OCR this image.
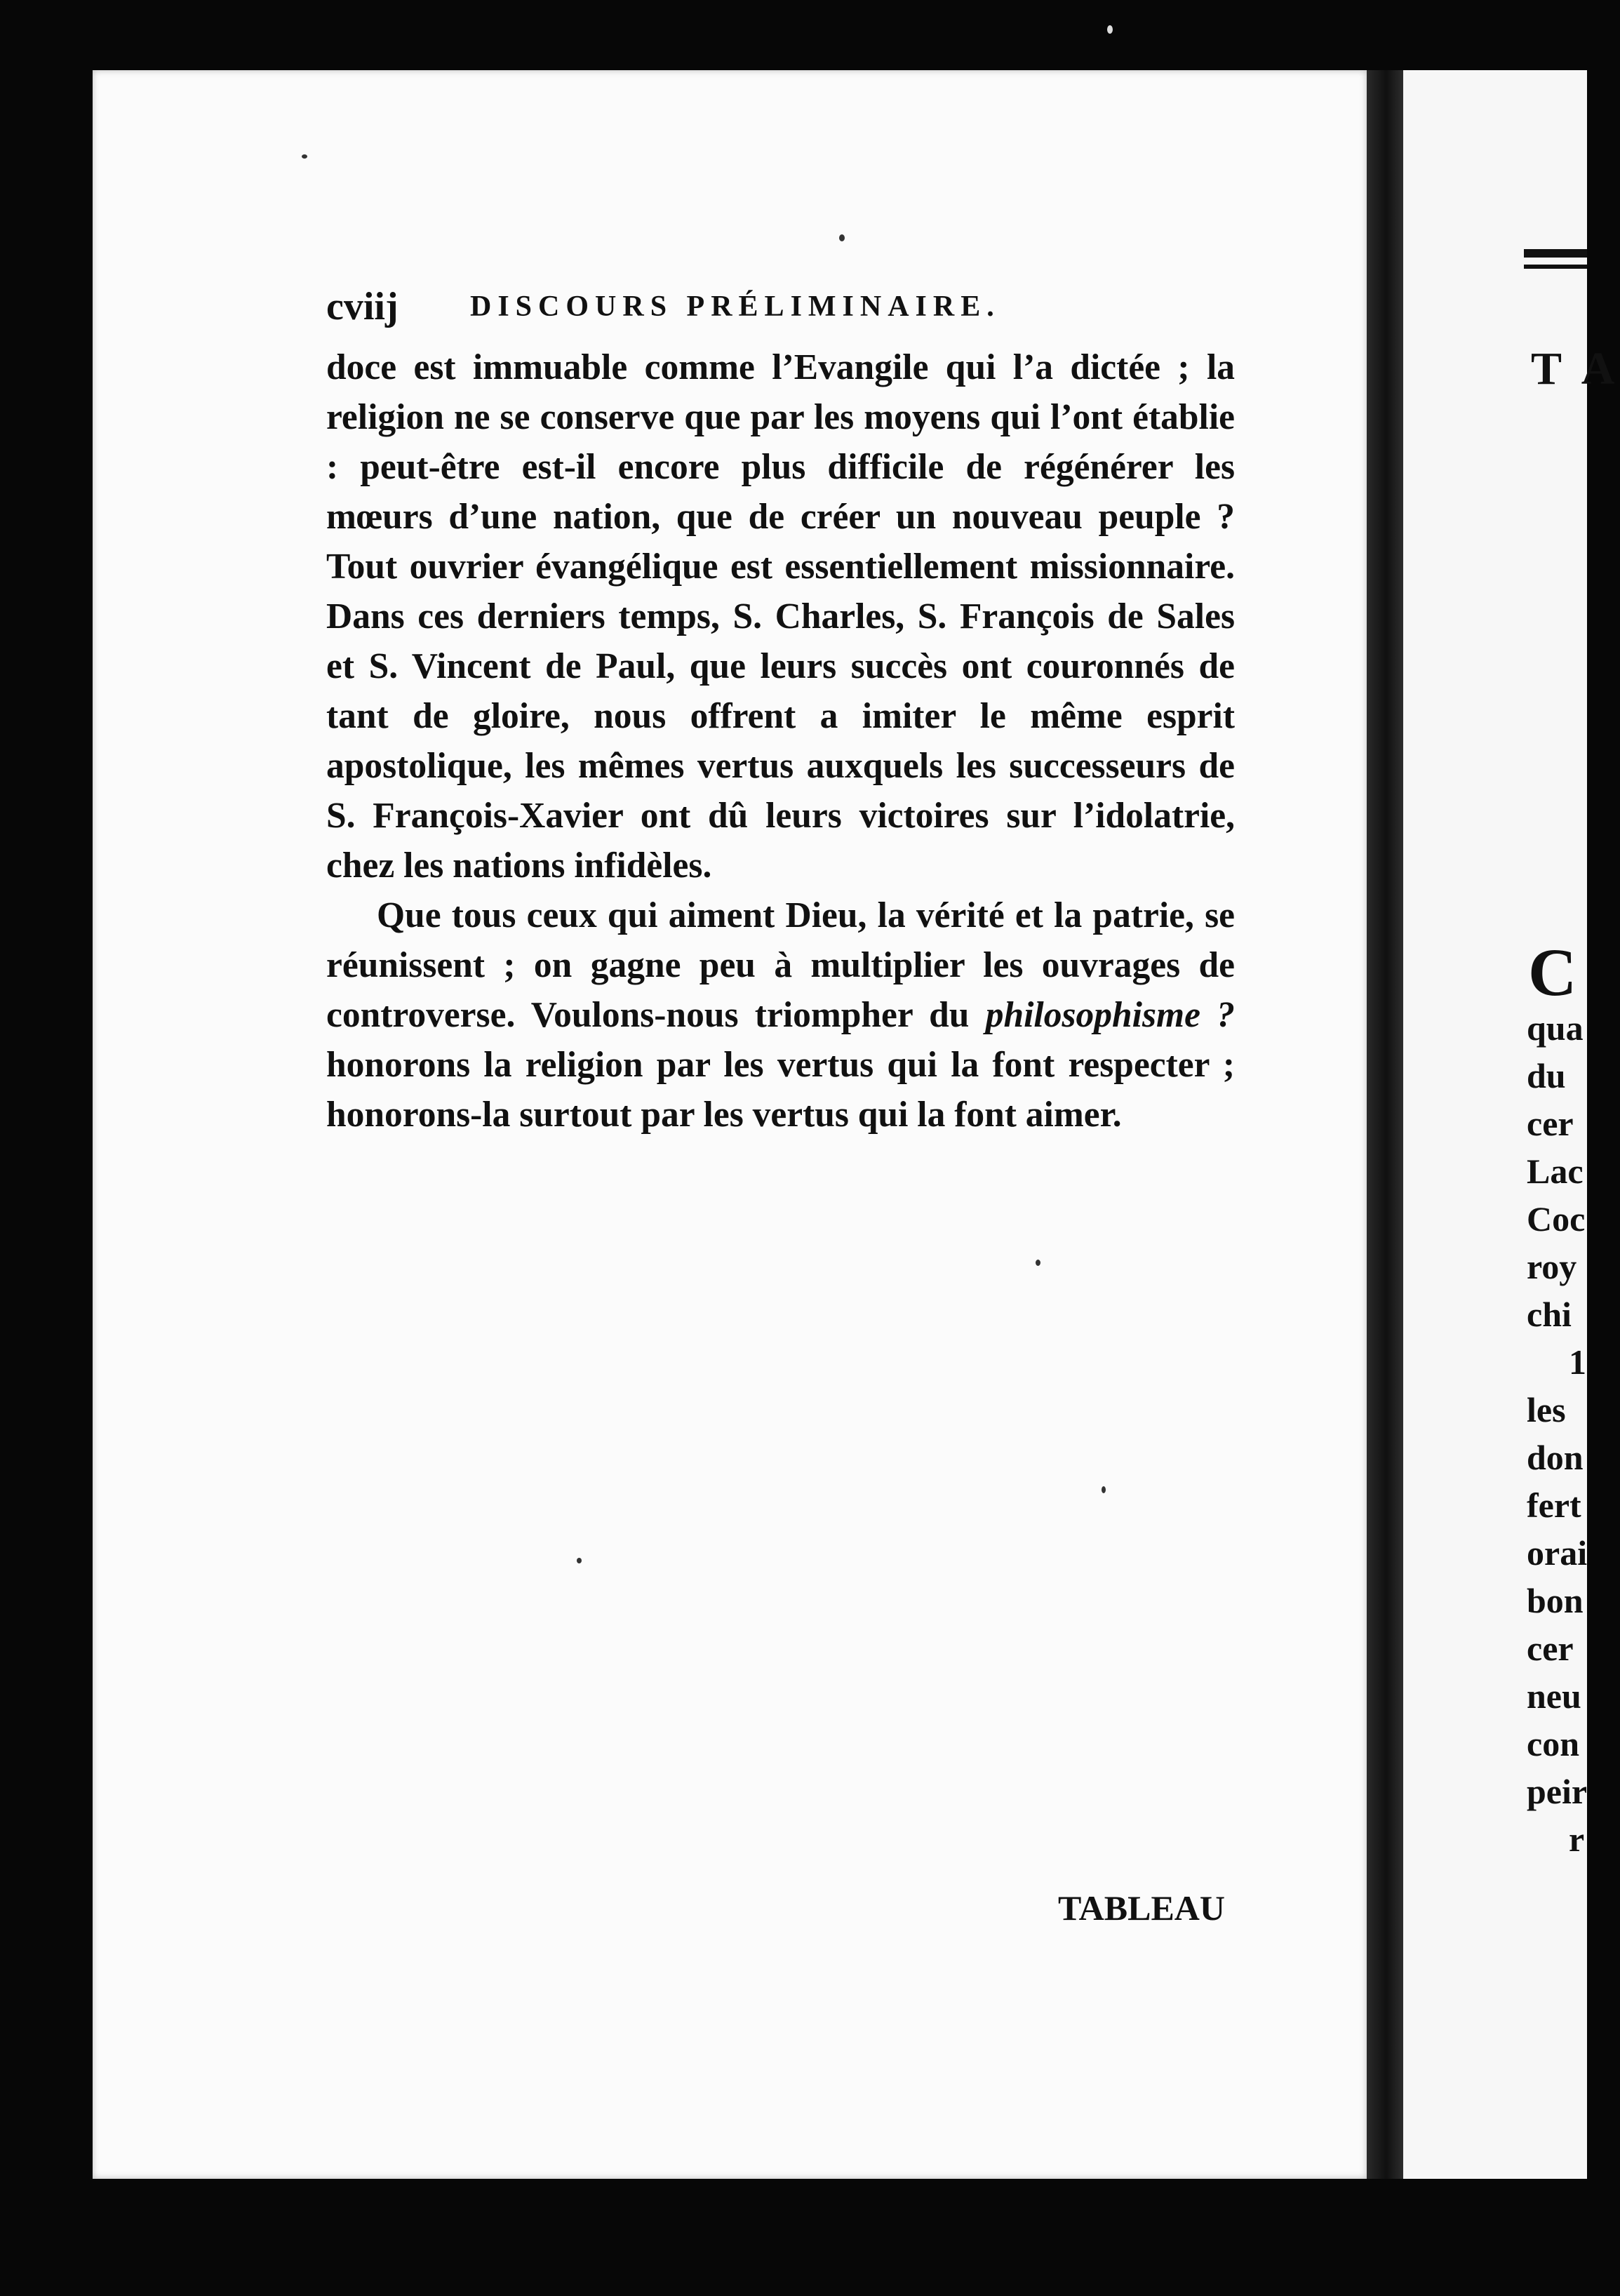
T A
C
qua
du
cer
Lac
Coc
roy
chi
1
les
don
fert
orai
bon
cer
neu
con
peir
r
cviij DISCOURS PRÉLIMINAIRE.

doce est immuable comme l’Evangile qui l’a dictée ; la religion ne se conserve que par les moyens qui l’ont établie : peut-être est-il encore plus difficile de régénérer les mœurs d’une nation, que de créer un nouveau peuple ? Tout ouvrier évangélique est essentiellement missionnaire. Dans ces derniers temps, S. Charles, S. François de Sales et S. Vincent de Paul, que leurs succès ont couronnés de tant de gloire, nous offrent a imiter le même esprit apostolique, les mêmes vertus auxquels les successeurs de S. François-Xavier ont dû leurs victoires sur l’idolatrie, chez les nations infidèles.

Que tous ceux qui aiment Dieu, la vérité et la patrie, se réunissent ; on gagne peu à multiplier les ouvrages de controverse. Voulons-nous triompher du philosophisme ? honorons la religion par les vertus qui la font respecter ; honorons-la surtout par les vertus qui la font aimer.

TABLEAU
